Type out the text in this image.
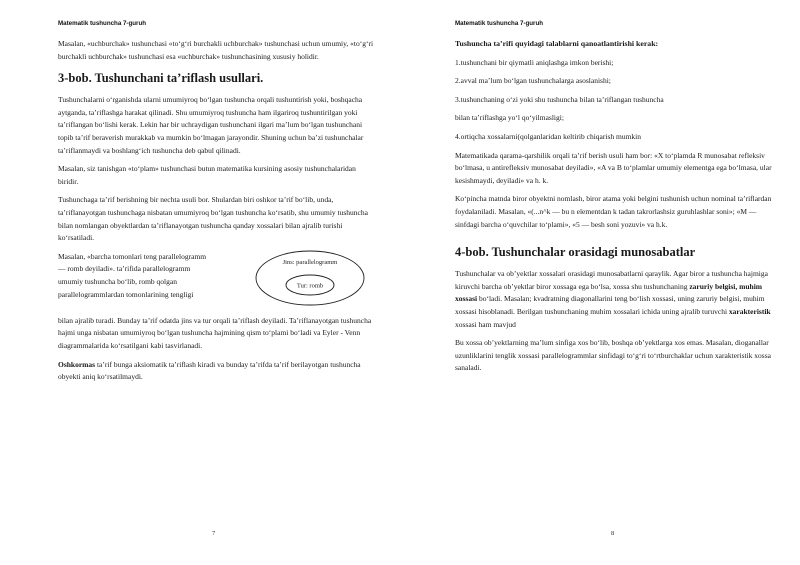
Matematik tushuncha 7-guruh

Masalan, «uchburchak» tushunchasi «to‘g‘ri burchakli uchburchak» tushunchasi uchun umumiy, «to‘g‘ri burchakli uchburchak» tushunchasi esa «uchburchak» tushunchasining xususiy holidir.

3-bob. Tushunchani ta’riflash usullari.

Tushunchalarni o‘rganishda ularni umumiyroq bo‘lgan tushuncha orqali tushuntirish yoki, boshqacha aytganda, ta’riflashga harakat qilinadi. Shu umumiyroq tushuncha ham ilgariroq tushuntirilgan yoki ta’riflangan bo‘lishi kerak. Lekin har bir uchraydigan tushunchani ilgari ma’lum bo‘lgan tushunchani topib ta’rif beraverish murakkab va mumkin bo‘lmagan jarayondir. Shuning uchun ba’zi tushunchalar ta’riflanmaydi va boshlang‘ich tushuncha deb qabul qilinadi.

Masalan, siz tanishgan «to‘plam» tushunchasi butun matematika kursining asosiy tushunchalaridan biridir.

Tushunchaga ta’rif berishning bir nechta usuli bor. Shulardan biri oshkor ta’rif bo‘lib, unda, ta’riflanayotgan tushunchaga nisbatan umumiyroq bo‘lgan tushuncha ko‘rsatib, shu umumiy tushuncha bilan nomlangan obyektlardan ta’riflanayotgan tushuncha qanday xossalari bilan ajralib turishi ko‘rsatiladi.

Masalan, «barcha tomonlari teng parallelogramm
— romb deyiladi». ta’rifida parallelogramm
umumiy tushuncha bo‘lib, romb qolgan
parallelogrammlardan tomonlarining tengligi

Jins: parallelogramm
Tur: romb

bilan ajralib turadi. Bunday ta’rif odatda jins va tur orqali ta’riflash deyiladi. Ta’riflanayotgan tushuncha hajmi unga nisbatan umumiyroq bo‘lgan tushuncha hajmining qism to‘plami bo‘ladi va Eyler - Venn diagrammalarida ko‘rsatilgani kabi tasvirlanadi.

Oshkormas ta’rif bunga aksiomatik ta’riflash kiradi va bunday ta’rifda ta’rif berilayotgan tushuncha obyekti aniq ko‘rsatilmaydi.

7
Matematik tushuncha 7-guruh

Tushuncha ta’rifi quyidagi talablarni qanoatlantirishi kerak:

1.tushunchani bir qiymatli aniqlashga imkon berishi;

2.avval ma’lum bo‘lgan tushunchalarga asoslanishi;

3.tushunchaning o‘zi yoki shu tushuncha bilan ta’riflangan tushuncha

bilan ta’riflashga yo‘l qo‘yilmasligi;

4.ortiqcha xossalarni(qolganlaridan keltirib chiqarish mumkin

Matematikada qarama-qarshilik orqali ta’rif berish usuli ham bor: «X to‘plamda R munosabat refleksiv bo‘lmasa, u antirefleksiv munosabat deyiladi», «A va B to‘plamlar umumiy elementga ega bo‘lmasa, ular kesishmaydi, deyiladi» va h. k.

Ko‘pincha matnda biror obyektni nomlash, biror atama yoki belgini tushunish uchun nominal ta’riflardan foydalaniladi. Masalan, «(...n^k — bu n elementdan k tadan takrorlashsiz guruhlashlar soni»; «M — sinfdagi barcha o‘quvchilar to‘plami», «5 — besh soni yozuvi» va h.k.

4-bob. Tushunchalar orasidagi munosabatlar

Tushunchalar va ob’yektlar xossalari orasidagi munosabatlarni qaraylik. Agar biror a tushuncha hajmiga kiruvchi barcha ob’yektlar biror xossaga ega bo‘lsa, xossa shu tushunchaning zaruriy belgisi, muhim xossasi bo‘ladi. Masalan; kvadratning diagonallarini teng bo‘lish xossasi, uning zaruriy belgisi, muhim xossasi hisoblanadi. Berilgan tushunchaning muhim xossalari ichida uning ajralib turuvchi xarakteristik xossasi ham mavjud

Bu xossa ob’yektlarning ma’lum sinfiga xos bo‘lib, boshqa ob’yektlarga xos emas. Masalan, dioganallar uzunliklarini tenglik xossasi parallelogrammlar sinfidagi to‘g‘ri to‘rtburchaklar uchun xarakteristik xossa sanaladi.

8
